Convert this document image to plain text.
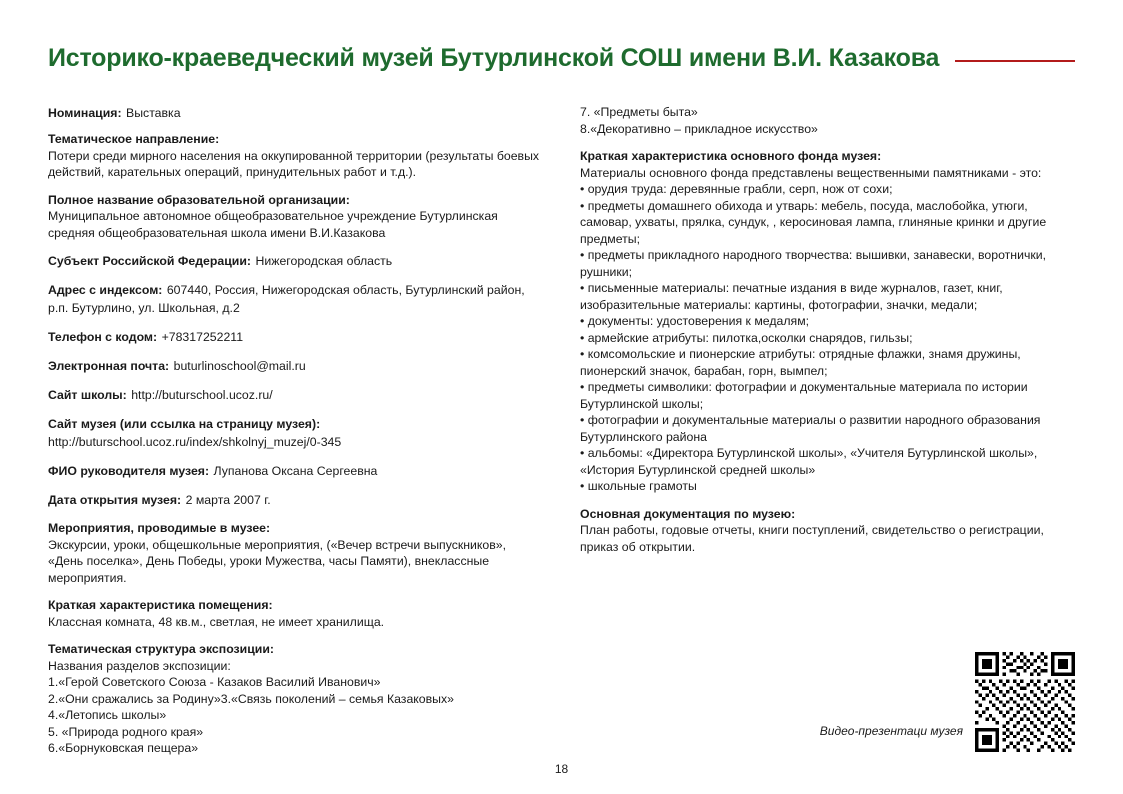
Историко-краеведческий музей Бутурлинской СОШ имени В.И. Казакова
Номинация: Выставка
Тематическое направление:
Потери среди мирного населения на оккупированной территории (результаты боевых действий, карательных операций, принудительных работ и т.д.).
Полное название образовательной организации:
Муниципальное автономное общеобразовательное учреждение Бутурлинская средняя общеобразовательная школа имени В.И.Казакова
Субъект Российской Федерации: Нижегородская область
Адрес с индексом: 607440, Россия, Нижегородская область, Бутурлинский район, р.п. Бутурлино, ул. Школьная, д.2
Телефон с кодом: +78317252211
Электронная почта: buturlinoschool@mail.ru
Сайт школы: http://buturschool.ucoz.ru/
Сайт музея (или ссылка на страницу музея): http://buturschool.ucoz.ru/index/shkolnyj_muzej/0-345
ФИО руководителя музея: Лупанова Оксана Сергеевна
Дата открытия музея: 2 марта 2007 г.
Мероприятия, проводимые в музее:
Экскурсии, уроки, общешкольные мероприятия, («Вечер встречи выпускников», «День поселка», День Победы, уроки Мужества, часы Памяти), внеклассные мероприятия.
Краткая характеристика помещения:
Классная комната, 48 кв.м., светлая, не имеет хранилища.
Тематическая структура экспозиции:
Названия разделов экспозиции:
1.«Герой Советского Союза - Казаков Василий Иванович»
2.«Они сражались за Родину»3.«Связь поколений – семья Казаковых»
4.«Летопись школы»
5. «Природа родного края»
6.«Борнуковская пещера»
7. «Предметы быта»
8.«Декоративно – прикладное искусство»
Краткая характеристика основного фонда музея:
Материалы основного фонда представлены вещественными памятниками - это:
• орудия труда: деревянные грабли, серп, нож от сохи;
• предметы домашнего обихода и утварь: мебель, посуда, маслобойка, утюги, самовар, ухваты, прялка, сундук, , керосиновая лампа, глиняные кринки и другие предметы;
• предметы прикладного народного творчества: вышивки, занавески, воротнички, рушники;
• письменные материалы: печатные издания в виде журналов, газет, книг, изобразительные материалы: картины, фотографии, значки, медали;
• документы: удостоверения к медалям;
• армейские атрибуты: пилотка,осколки снарядов, гильзы;
• комсомольские и пионерские атрибуты: отрядные флажки, знамя дружины, пионерский значок, барабан, горн, вымпел;
• предметы символики: фотографии и документальные материала по истории Бутурлинской школы;
• фотографии и документальные материалы о развитии народного образования Бутурлинского района
• альбомы: «Директора Бутурлинской школы», «Учителя Бутурлинской школы», «История Бутурлинской средней школы»
• школьные грамоты
Основная документация по музею:
План работы, годовые отчеты, книги поступлений, свидетельство о регистрации, приказ об открытии.
Видео-презентаци музея
18
